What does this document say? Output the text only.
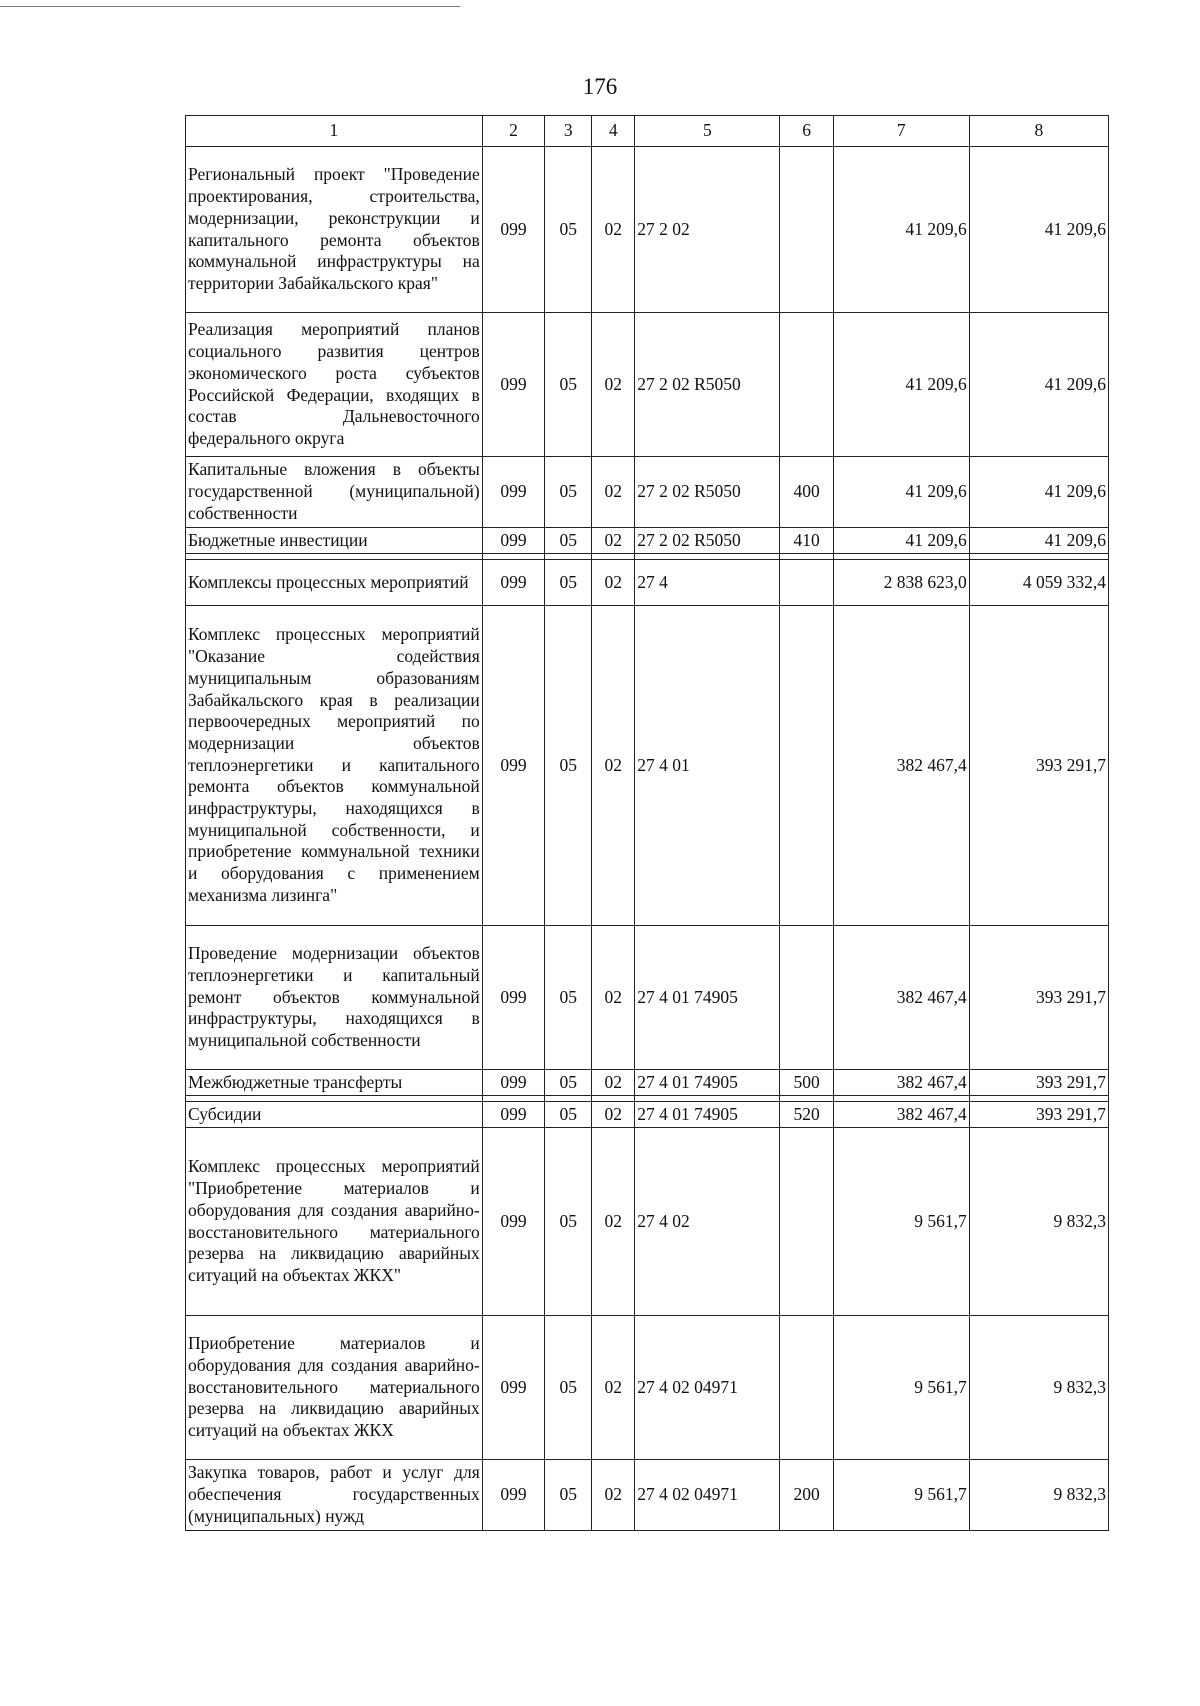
176
1	2	3	4	5	6	7	8
Региональный проект "Проведение проектирования, строительства, модернизации, реконструкции и капитального ремонта объектов коммунальной инфраструктуры на территории Забайкальского края"	099	05	02	27 2 02		41 209,6	41 209,6
Реализация мероприятий планов социального развития центров экономического роста субъектов Российской Федерации, входящих в состав Дальневосточного федерального округа	099	05	02	27 2 02 R5050		41 209,6	41 209,6
Капитальные вложения в объекты государственной (муниципальной) собственности	099	05	02	27 2 02 R5050	400	41 209,6	41 209,6
Бюджетные инвестиции	099	05	02	27 2 02 R5050	410	41 209,6	41 209,6

Комплексы процессных мероприятий	099	05	02	27 4		2 838 623,0	4 059 332,4
Комплекс процессных мероприятий "Оказание содействия муниципальным образованиям Забайкальского края в реализации первоочередных мероприятий по модернизации объектов теплоэнергетики и капитального ремонта объектов коммунальной инфраструктуры, находящихся в муниципальной собственности, и приобретение коммунальной техники и оборудования с применением механизма лизинга"	099	05	02	27 4 01		382 467,4	393 291,7
Проведение модернизации объектов теплоэнергетики и капитальный ремонт объектов коммунальной инфраструктуры, находящихся в муниципальной собственности	099	05	02	27 4 01 74905		382 467,4	393 291,7
Межбюджетные трансферты	099	05	02	27 4 01 74905	500	382 467,4	393 291,7

Субсидии	099	05	02	27 4 01 74905	520	382 467,4	393 291,7
Комплекс процессных мероприятий "Приобретение материалов и оборудования для создания аварийно-восстановительного материального резерва на ликвидацию аварийных ситуаций на объектах ЖКХ"	099	05	02	27 4 02		9 561,7	9 832,3
Приобретение материалов и оборудования для создания аварийно-восстановительного материального резерва на ликвидацию аварийных ситуаций на объектах ЖКХ	099	05	02	27 4 02 04971		9 561,7	9 832,3
Закупка товаров, работ и услуг для обеспечения государственных (муниципальных) нужд	099	05	02	27 4 02 04971	200	9 561,7	9 832,3
